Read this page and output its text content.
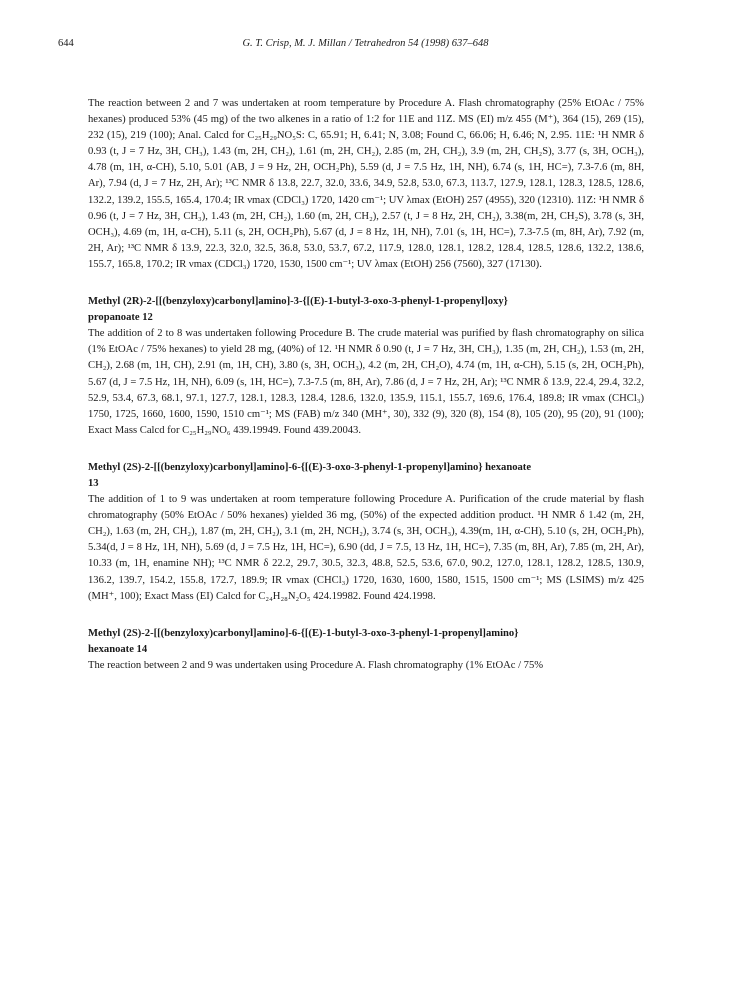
644	G. T. Crisp, M. J. Millan / Tetrahedron 54 (1998) 637–648

The reaction between 2 and 7 was undertaken at room temperature by Procedure A. Flash chromatography (25% EtOAc / 75% hexanes) produced 53% (45 mg) of the two alkenes in a ratio of 1:2 for 11E and 11Z. MS (EI) m/z 455 (M⁺), 364 (15), 269 (15), 232 (15), 219 (100); Anal. Calcd for C₂₅H₂₉NO₅S: C, 65.91; H, 6.41; N, 3.08; Found C, 66.06; H, 6.46; N, 2.95. 11E: ¹H NMR δ 0.93 (t, J = 7 Hz, 3H, CH₃), 1.43 (m, 2H, CH₂), 1.61 (m, 2H, CH₂), 2.85 (m, 2H, CH₂), 3.9 (m, 2H, CH₂S), 3.77 (s, 3H, OCH₃), 4.78 (m, 1H, α-CH), 5.10, 5.01 (AB, J = 9 Hz, 2H, OCH₂Ph), 5.59 (d, J = 7.5 Hz, 1H, NH), 6.74 (s, 1H, HC=), 7.3-7.6 (m, 8H, Ar), 7.94 (d, J = 7 Hz, 2H, Ar); ¹³C NMR δ 13.8, 22.7, 32.0, 33.6, 34.9, 52.8, 53.0, 67.3, 113.7, 127.9, 128.1, 128.3, 128.5, 128.6, 132.2, 139.2, 155.5, 165.4, 170.4; IR νmax (CDCl₃) 1720, 1420 cm⁻¹; UV λmax (EtOH) 257 (4955), 320 (12310). 11Z: ¹H NMR δ 0.96 (t, J = 7 Hz, 3H, CH₃), 1.43 (m, 2H, CH₂), 1.60 (m, 2H, CH₂), 2.57 (t, J = 8 Hz, 2H, CH₂), 3.38(m, 2H, CH₂S), 3.78 (s, 3H, OCH₃), 4.69 (m, 1H, α-CH), 5.11 (s, 2H, OCH₂Ph), 5.67 (d, J = 8 Hz, 1H, NH), 7.01 (s, 1H, HC=), 7.3-7.5 (m, 8H, Ar), 7.92 (m, 2H, Ar); ¹³C NMR δ 13.9, 22.3, 32.0, 32.5, 36.8, 53.0, 53.7, 67.2, 117.9, 128.0, 128.1, 128.2, 128.4, 128.5, 128.6, 132.2, 138.6, 155.7, 165.8, 170.2; IR νmax (CDCl₃) 1720, 1530, 1500 cm⁻¹; UV λmax (EtOH) 256 (7560), 327 (17130).

Methyl (2R)-2-[[(benzyloxy)carbonyl]amino]-3-{[(E)-1-butyl-3-oxo-3-phenyl-1-propenyl]oxy}

propanoate 12

The addition of 2 to 8 was undertaken following Procedure B. The crude material was purified by flash chromatography on silica (1% EtOAc / 75% hexanes) to yield 28 mg, (40%) of 12. ¹H NMR δ 0.90 (t, J = 7 Hz, 3H, CH₃), 1.35 (m, 2H, CH₂), 1.53 (m, 2H, CH₂), 2.68 (m, 1H, CH), 2.91 (m, 1H, CH), 3.80 (s, 3H, OCH₃), 4.2 (m, 2H, CH₂O), 4.74 (m, 1H, α-CH), 5.15 (s, 2H, OCH₂Ph), 5.67 (d, J = 7.5 Hz, 1H, NH), 6.09 (s, 1H, HC=), 7.3-7.5 (m, 8H, Ar), 7.86 (d, J = 7 Hz, 2H, Ar); ¹³C NMR δ 13.9, 22.4, 29.4, 32.2, 52.9, 53.4, 67.3, 68.1, 97.1, 127.7, 128.1, 128.3, 128.4, 128.6, 132.0, 135.9, 115.1, 155.7, 169.6, 176.4, 189.8; IR νmax (CHCl₃) 1750, 1725, 1660, 1600, 1590, 1510 cm⁻¹; MS (FAB) m/z 340 (MH⁺, 30), 332 (9), 320 (8), 154 (8), 105 (20), 95 (20), 91 (100); Exact Mass Calcd for C₂₅H₂₉NO₆ 439.19949. Found 439.20043.

Methyl (2S)-2-[[(benzyloxy)carbonyl]amino]-6-{[(E)-3-oxo-3-phenyl-1-propenyl]amino} hexanoate

13

The addition of 1 to 9 was undertaken at room temperature following Procedure A. Purification of the crude material by flash chromatography (50% EtOAc / 50% hexanes) yielded 36 mg, (50%) of the expected addition product. ¹H NMR δ 1.42 (m, 2H, CH₂), 1.63 (m, 2H, CH₂), 1.87 (m, 2H, CH₂), 3.1 (m, 2H, NCH₂), 3.74 (s, 3H, OCH₃), 4.39(m, 1H, α-CH), 5.10 (s, 2H, OCH₂Ph), 5.34(d, J = 8 Hz, 1H, NH), 5.69 (d, J = 7.5 Hz, 1H, HC=), 6.90 (dd, J = 7.5, 13 Hz, 1H, HC=), 7.35 (m, 8H, Ar), 7.85 (m, 2H, Ar), 10.33 (m, 1H, enamine NH); ¹³C NMR δ 22.2, 29.7, 30.5, 32.3, 48.8, 52.5, 53.6, 67.0, 90.2, 127.0, 128.1, 128.2, 128.5, 130.9, 136.2, 139.7, 154.2, 155.8, 172.7, 189.9; IR νmax (CHCl₃) 1720, 1630, 1600, 1580, 1515, 1500 cm⁻¹; MS (LSIMS) m/z 425 (MH⁺, 100); Exact Mass (EI) Calcd for C₂₄H₂₈N₂O₅ 424.19982. Found 424.1998.

Methyl (2S)-2-[[(benzyloxy)carbonyl]amino]-6-{[(E)-1-butyl-3-oxo-3-phenyl-1-propenyl]amino}

hexanoate 14

The reaction between 2 and 9 was undertaken using Procedure A. Flash chromatography (1% EtOAc / 75%
